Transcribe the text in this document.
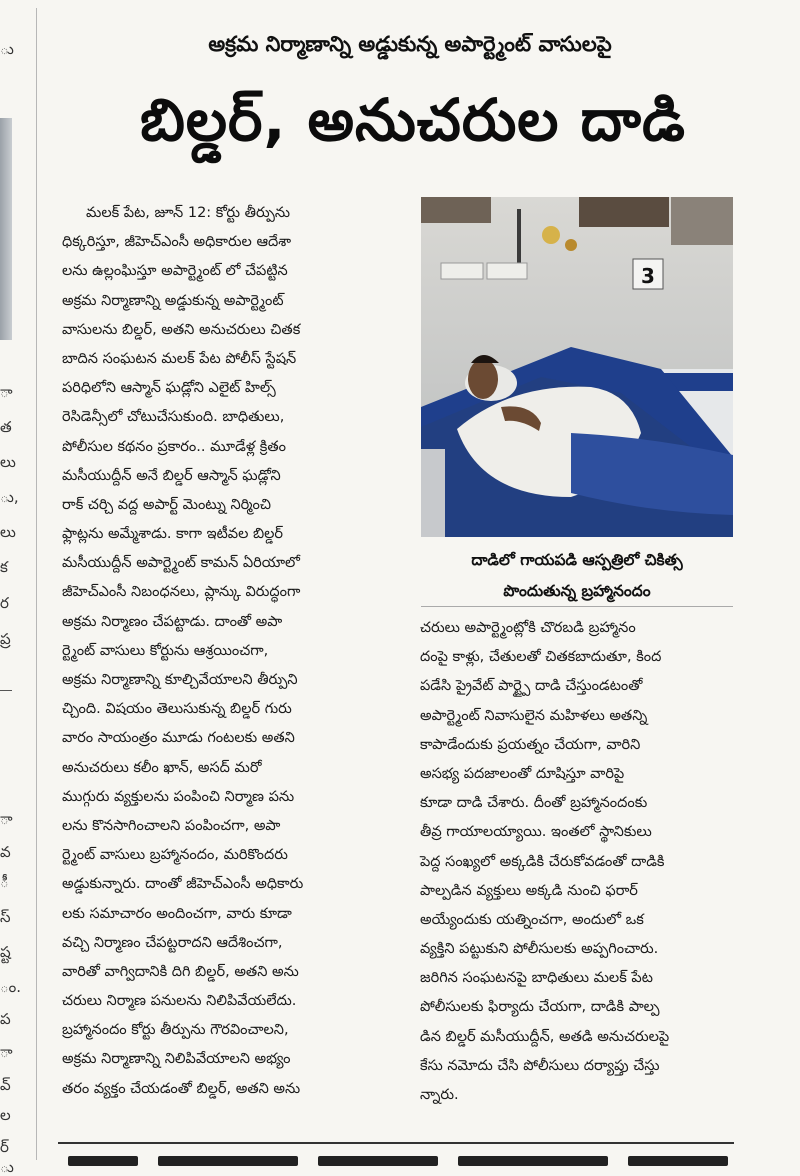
ు
ా
త
లు
ు,
లు
క
ర
ప్ర
ా
వ
ీ
స్
ష్ట
ం.
ప
ా
వ్
ల
ర్
ు
అక్రమ నిర్మాణాన్ని అడ్డుకున్న అపార్ట్మెంట్ వాసులపై
బిల్డర్, అనుచరుల దాడి

మలక్ పేట, జూన్ 12: కోర్టు తీర్పును

ధిక్కరిస్తూ, జీహెచ్ఎంసీ అధికారుల ఆదేశా

లను ఉల్లంఘిస్తూ అపార్ట్మెంట్ లో చేపట్టిన

అక్రమ నిర్మాణాన్ని అడ్డుకున్న అపార్ట్మెంట్

వాసులను బిల్డర్, అతని అనుచరులు చితక

బాదిన సంఘటన మలక్ పేట పోలీస్ స్టేషన్

పరిధిలోని ఆస్మాన్ ఘడ్లోని ఎలైట్ హిల్స్

రెసిడెన్సీలో చోటుచేసుకుంది. బాధితులు,

పోలీసుల కథనం ప్రకారం.. మూడేళ్ల క్రితం

మసీయుద్దీన్ అనే బిల్డర్ ఆస్మాన్ ఘడ్లోని

రాక్ చర్చి వద్ద అపార్ట్ మెంట్ను నిర్మించి

ఫ్లాట్లను అమ్మేశాడు. కాగా ఇటీవల బిల్డర్

మసీయుద్దీన్ అపార్ట్మెంట్ కామన్ ఏరియాలో

జీహెచ్ఎంసీ నిబంధనలు, ప్లాన్కు విరుద్ధంగా

అక్రమ నిర్మాణం చేపట్టాడు. దాంతో అపా

ర్ట్మెంట్ వాసులు కోర్టును ఆశ్రయించగా,

అక్రమ నిర్మాణాన్ని కూల్చివేయాలని తీర్పుని

చ్చింది. విషయం తెలుసుకున్న బిల్డర్ గురు

వారం సాయంత్రం మూడు గంటలకు అతని

అనుచరులు కలీం ఖాన్, అసద్ మరో

ముగ్గురు వ్యక్తులను పంపించి నిర్మాణ పను

లను కొనసాగించాలని పంపించగా, అపా

ర్ట్మెంట్ వాసులు బ్రహ్మానందం, మరికొందరు

అడ్డుకున్నారు. దాంతో జీహెచ్ఎంసీ అధికారు

లకు సమాచారం అందించగా, వారు కూడా

వచ్చి నిర్మాణం చేపట్టరాదని ఆదేశించగా,

వారితో వాగ్విదానికి దిగి బిల్డర్, అతని అను

చరులు నిర్మాణ పనులను నిలిపివేయలేదు.

బ్రహ్మానందం కోర్టు తీర్పును గౌరవించాలని,

అక్రమ నిర్మాణాన్ని నిలిపివేయాలని అభ్యం

తరం వ్యక్తం చేయడంతో బిల్డర్, అతని అను

3
దాడిలో గాయపడి ఆస్పత్రిలో చికిత్స
పొందుతున్న బ్రహ్మానందం

చరులు అపార్ట్మెంట్లోకి చొరబడి బ్రహ్మానం

దంపై కాళ్లు, చేతులతో చితకబాదుతూ, కింద

పడేసి ప్రైవేట్ పార్ట్పై దాడి చేస్తుండటంతో

అపార్ట్మెంట్ నివాసులైన మహిళలు అతన్ని

కాపాడేందుకు ప్రయత్నం చేయగా, వారిని

అసభ్య పదజాలంతో దూషిస్తూ వారిపై

కూడా దాడి చేశారు. దీంతో బ్రహ్మానందంకు

తీవ్ర గాయాలయ్యాయి. ఇంతలో స్థానికులు

పెద్ద సంఖ్యలో అక్కడికి చేరుకోవడంతో దాడికి

పాల్పడిన వ్యక్తులు అక్కడి నుంచి ఫరార్

అయ్యేందుకు యత్నించగా, అందులో ఒక

వ్యక్తిని పట్టుకుని పోలీసులకు అప్పగించారు.

జరిగిన సంఘటనపై బాధితులు మలక్ పేట

పోలీసులకు ఫిర్యాదు చేయగా, దాడికి పాల్ప

డిన బిల్డర్ మసీయుద్దీన్, అతడి అనుచరులపై

కేసు నమోదు చేసి పోలీసులు దర్యాప్తు చేస్తు

న్నారు.
